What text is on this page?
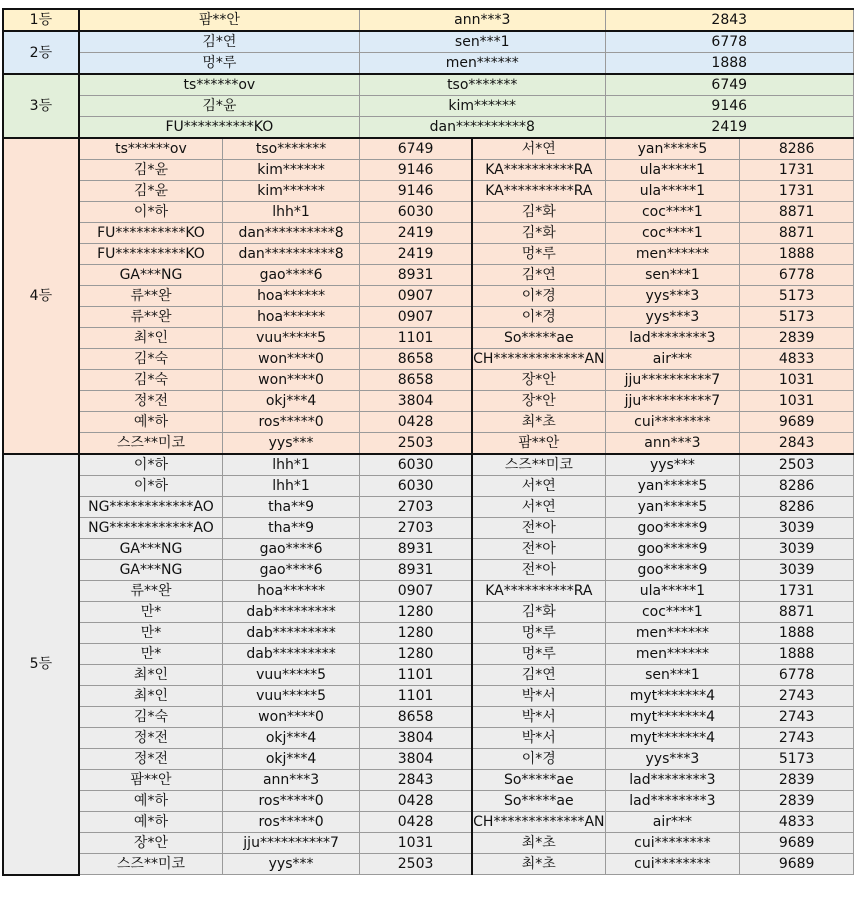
1등	팜**안		ann***3		2843	
2등	김*연		sen***1		6778	
	멍*루		men******		1888	
3등	ts******ov		tso*******		6749	
	김*윤		kim******		9146	
	FU**********KO		dan**********8		2419	
4등	ts******ov	tso*******	6749	서*연	yan*****5	8286
	김*윤	kim******	9146	KA**********RA	ula*****1	1731
	김*윤	kim******	9146	KA**********RA	ula*****1	1731
	이*하	lhh*1	6030	김*화	coc****1	8871
	FU**********KO	dan**********8	2419	김*화	coc****1	8871
	FU**********KO	dan**********8	2419	멍*루	men******	1888
	GA***NG	gao****6	8931	김*연	sen***1	6778
	류**완	hoa******	0907	이*경	yys***3	5173
	류**완	hoa******	0907	이*경	yys***3	5173
	최*인	vuu*****5	1101	So*****ae	lad********3	2839
	김*숙	won****0	8658	CH*************AN	air***	4833
	김*숙	won****0	8658	장*안	jju**********7	1031
	정*전	okj***4	3804	장*안	jju**********7	1031
	예*하	ros*****0	0428	최*초	cui********	9689
	스즈**미코	yys***	2503	팜**안	ann***3	2843
5등	이*하	lhh*1	6030	스즈**미코	yys***	2503
	이*하	lhh*1	6030	서*연	yan*****5	8286
	NG************AO	tha**9	2703	서*연	yan*****5	8286
	NG************AO	tha**9	2703	전*아	goo*****9	3039
	GA***NG	gao****6	8931	전*아	goo*****9	3039
	GA***NG	gao****6	8931	전*아	goo*****9	3039
	류**완	hoa******	0907	KA**********RA	ula*****1	1731
	만*	dab*********	1280	김*화	coc****1	8871
	만*	dab*********	1280	멍*루	men******	1888
	만*	dab*********	1280	멍*루	men******	1888
	최*인	vuu*****5	1101	김*연	sen***1	6778
	최*인	vuu*****5	1101	박*서	myt*******4	2743
	김*숙	won****0	8658	박*서	myt*******4	2743
	정*전	okj***4	3804	박*서	myt*******4	2743
	정*전	okj***4	3804	이*경	yys***3	5173
	팜**안	ann***3	2843	So*****ae	lad********3	2839
	예*하	ros*****0	0428	So*****ae	lad********3	2839
	예*하	ros*****0	0428	CH*************AN	air***	4833
	장*안	jju**********7	1031	최*초	cui********	9689
	스즈**미코	yys***	2503	최*초	cui********	9689
